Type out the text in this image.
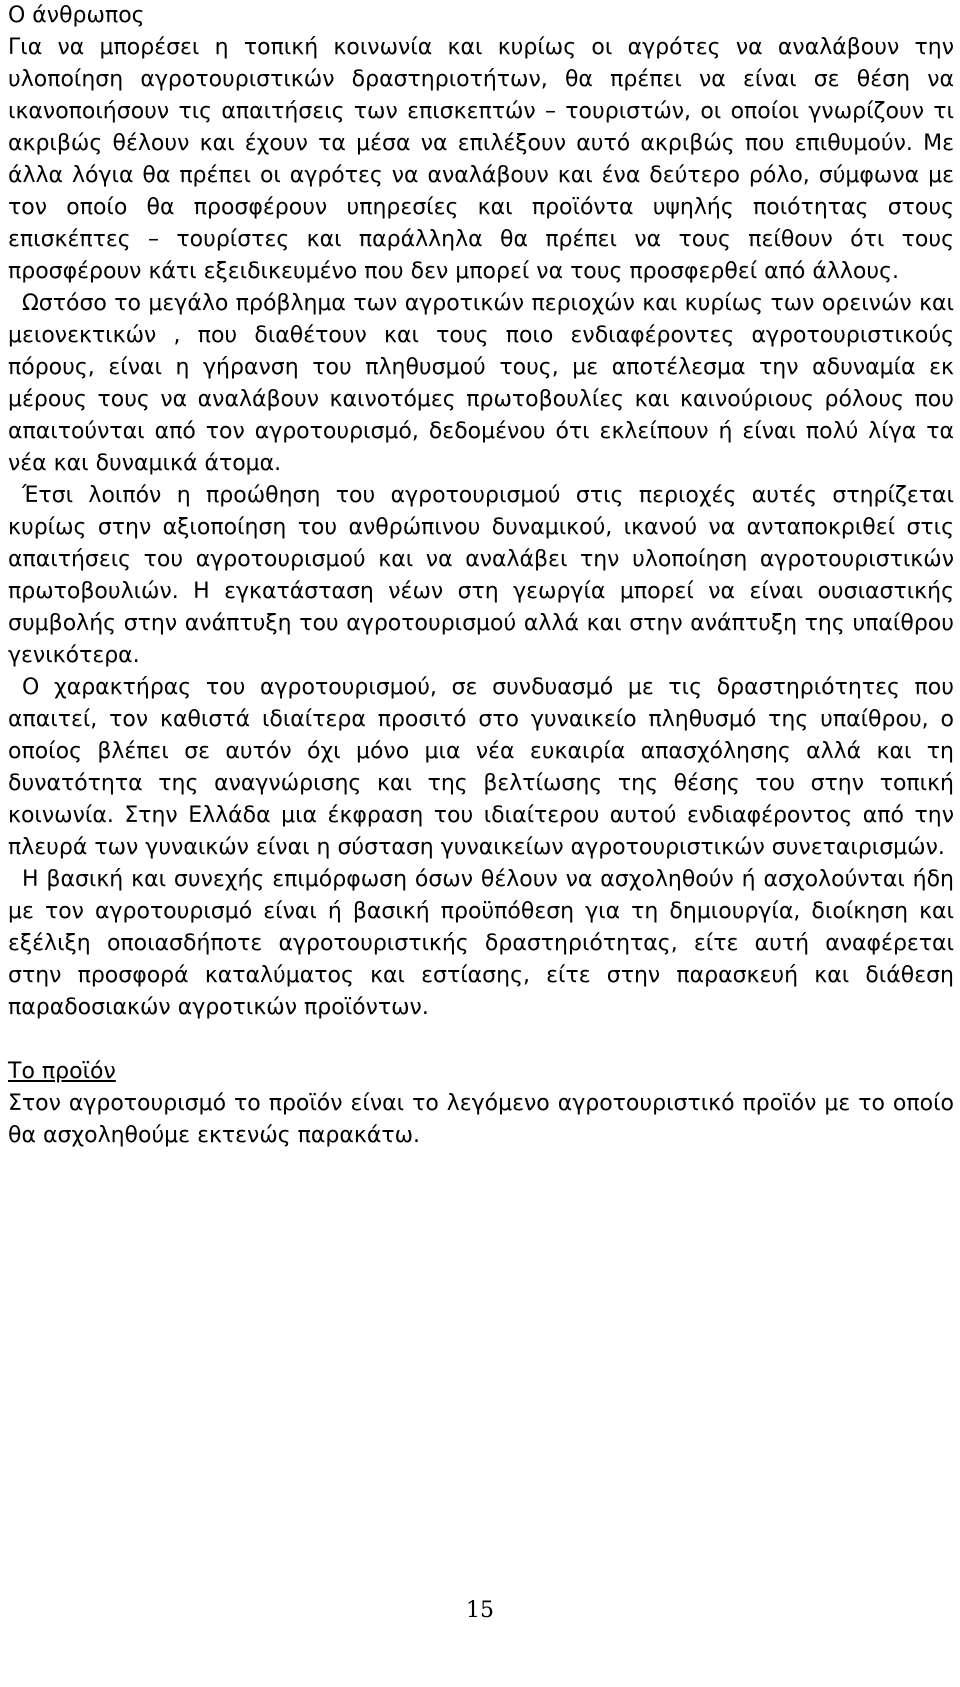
Ο άνθρωπος

Για να μπορέσει η τοπική κοινωνία και κυρίως οι αγρότες να αναλάβουν την υλοποίηση αγροτουριστικών δραστηριοτήτων, θα πρέπει να είναι σε θέση να ικανοποιήσουν τις απαιτήσεις των επισκεπτών – τουριστών, οι οποίοι γνωρίζουν τι ακριβώς θέλουν και έχουν τα μέσα να επιλέξουν αυτό ακριβώς που επιθυμούν. Με άλλα λόγια θα πρέπει οι αγρότες να αναλάβουν και ένα δεύτερο ρόλο, σύμφωνα με τον οποίο θα προσφέρουν υπηρεσίες και προϊόντα υψηλής ποιότητας στους επισκέπτες – τουρίστες και παράλληλα θα πρέπει να τους πείθουν ότι τους προσφέρουν κάτι εξειδικευμένο που δεν μπορεί να τους προσφερθεί από άλλους.

Ωστόσο το μεγάλο πρόβλημα των αγροτικών περιοχών και κυρίως των ορεινών και μειονεκτικών , που διαθέτουν και τους ποιο ενδιαφέροντες αγροτουριστικούς πόρους, είναι η γήρανση του πληθυσμού τους, με αποτέλεσμα την αδυναμία εκ μέρους τους να αναλάβουν καινοτόμες πρωτοβουλίες και καινούριους ρόλους που απαιτούνται από τον αγροτουρισμό, δεδομένου ότι εκλείπουν ή είναι πολύ λίγα τα νέα και δυναμικά άτομα.

Έτσι λοιπόν η προώθηση του αγροτουρισμού στις περιοχές αυτές στηρίζεται κυρίως στην αξιοποίηση του ανθρώπινου δυναμικού, ικανού να ανταποκριθεί στις απαιτήσεις του αγροτουρισμού και να αναλάβει την υλοποίηση αγροτουριστικών πρωτοβουλιών. Η εγκατάσταση νέων στη γεωργία μπορεί να είναι ουσιαστικής συμβολής στην ανάπτυξη του αγροτουρισμού αλλά και στην ανάπτυξη της υπαίθρου γενικότερα.

Ο χαρακτήρας του αγροτουρισμού, σε συνδυασμό με τις δραστηριότητες που απαιτεί, τον καθιστά ιδιαίτερα προσιτό στο γυναικείο πληθυσμό της υπαίθρου, ο οποίος βλέπει σε αυτόν όχι μόνο μια νέα ευκαιρία απασχόλησης αλλά και τη δυνατότητα της αναγνώρισης και της βελτίωσης της θέσης του στην τοπική κοινωνία. Στην Ελλάδα μια έκφραση του ιδιαίτερου αυτού ενδιαφέροντος από την πλευρά των γυναικών είναι η σύσταση γυναικείων αγροτουριστικών συνεταιρισμών.

Η βασική και συνεχής επιμόρφωση όσων θέλουν να ασχοληθούν ή ασχολούνται ήδη με τον αγροτουρισμό είναι ή βασική προϋπόθεση για τη δημιουργία, διοίκηση και εξέλιξη οποιασδήποτε αγροτουριστικής δραστηριότητας, είτε αυτή αναφέρεται στην προσφορά καταλύματος και εστίασης, είτε στην παρασκευή και διάθεση παραδοσιακών αγροτικών προϊόντων.

Το προϊόν

Στον αγροτουρισμό το προϊόν είναι το λεγόμενο αγροτουριστικό προϊόν με το οποίο θα ασχοληθούμε εκτενώς παρακάτω.

15
